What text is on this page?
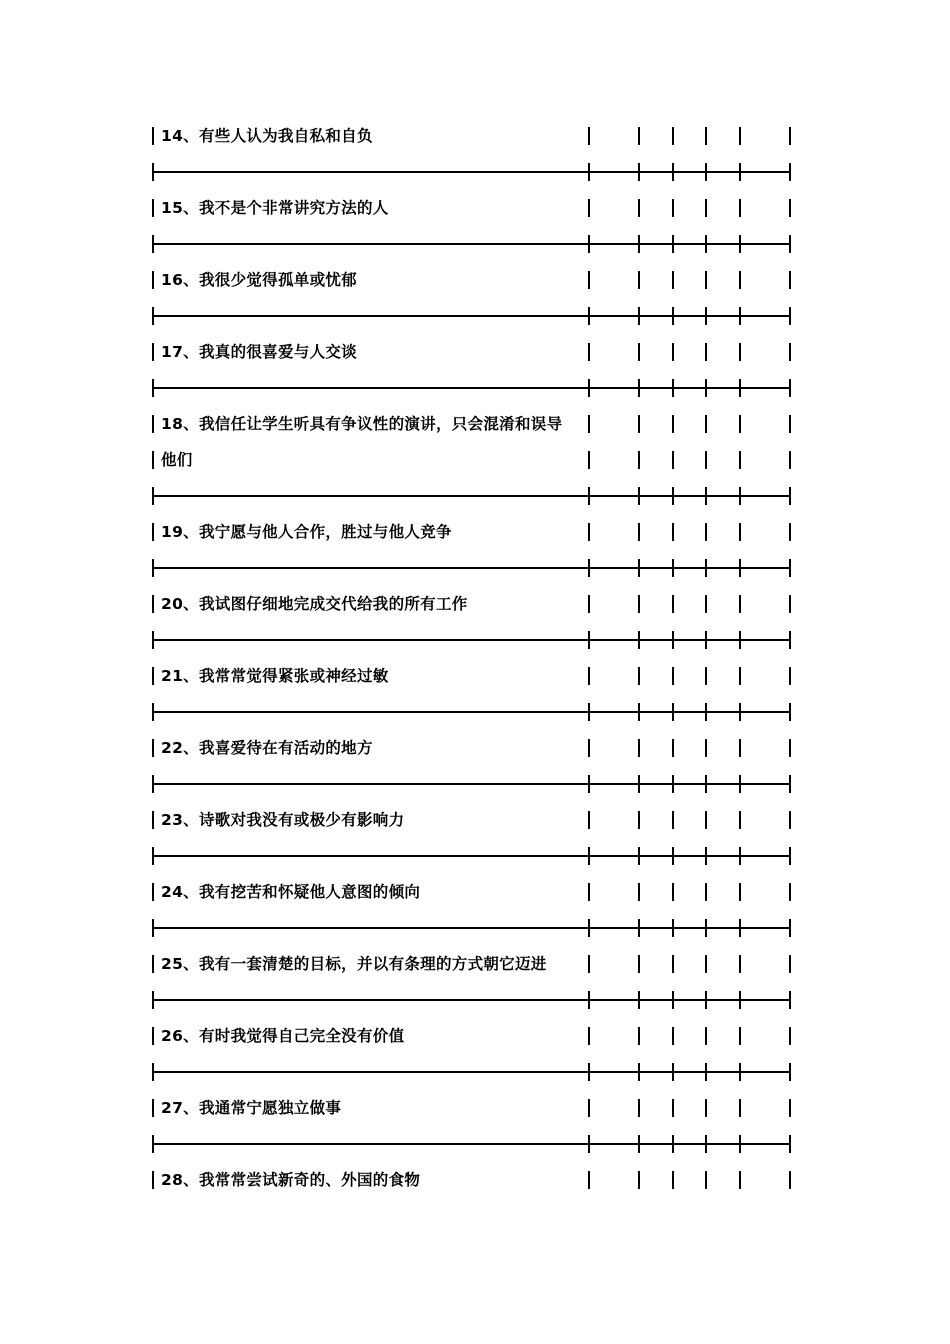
14、有些人认为我自私和自负
15、我不是个非常讲究方法的人
16、我很少觉得孤单或忧郁
17、我真的很喜爱与人交谈
18、我信任让学生听具有争议性的演讲，只会混淆和误导
他们
19、我宁愿与他人合作，胜过与他人竞争
20、我试图仔细地完成交代给我的所有工作
21、我常常觉得紧张或神经过敏
22、我喜爱待在有活动的地方
23、诗歌对我没有或极少有影响力
24、我有挖苦和怀疑他人意图的倾向
25、我有一套清楚的目标，并以有条理的方式朝它迈进
26、有时我觉得自己完全没有价值
27、我通常宁愿独立做事
28、我常常尝试新奇的、外国的食物
